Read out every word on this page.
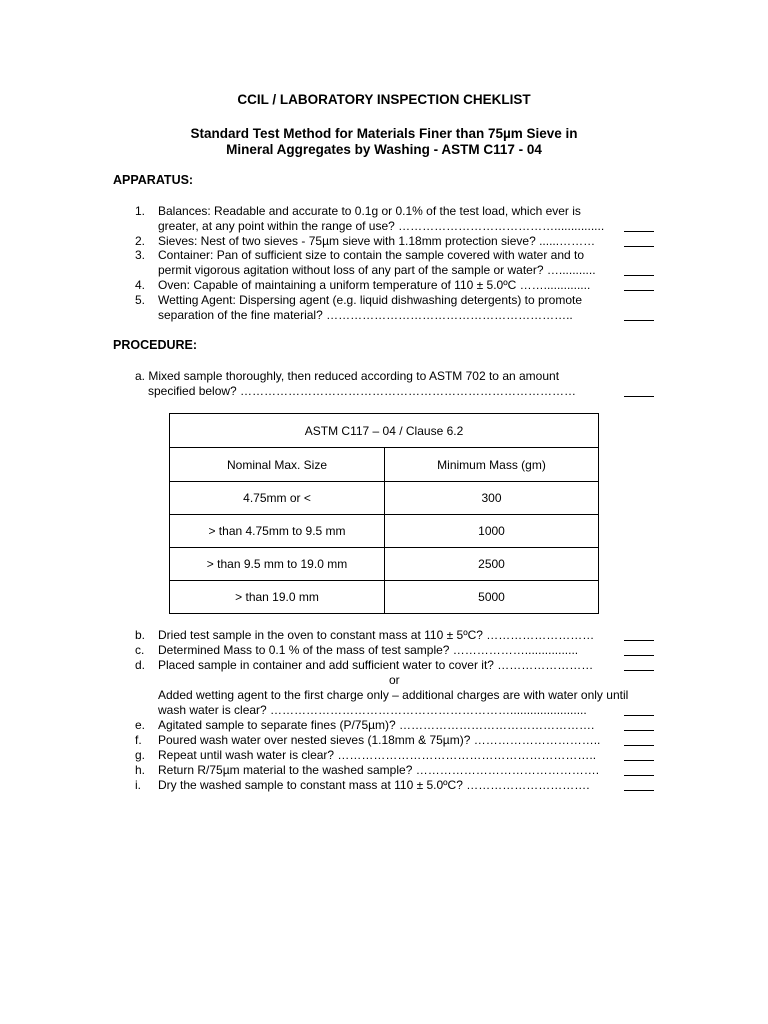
CCIL / LABORATORY INSPECTION CHEKLIST
Standard Test Method for Materials Finer than 75µm Sieve in
Mineral Aggregates by Washing - ASTM C117 - 04
APPARATUS:
1. Balances: Readable and accurate to 0.1g or 0.1% of the test load, which ever is
greater, at any point within the range of use? …………………………………...............
2. Sieves: Nest of two sieves - 75µm sieve with 1.18mm protection sieve? ......………
3. Container: Pan of sufficient size to contain the sample covered with water and to
permit vigorous agitation without loss of any part of the sample or water? …...........
4. Oven: Capable of maintaining a uniform temperature of 110 ± 5.0ºC ……..............
5. Wetting Agent: Dispersing agent (e.g. liquid dishwashing detergents) to promote
separation of the fine material? ……………………………………………………..
PROCEDURE:
a. Mixed sample thoroughly, then reduced according to ASTM 702 to an amount
specified below? …………………………………………………………………………
ASTM C117 – 04 / Clause 6.2	
Nominal Max. Size	Minimum Mass (gm)
4.75mm or <	300
> than 4.75mm to 9.5 mm	1000
> than 9.5 mm to 19.0 mm	2500
> than 19.0 mm	5000
b. Dried test sample in the oven to constant mass at 110 ± 5ºC? ………………………
c. Determined Mass to 0.1 % of the mass of test sample? ………………................
d. Placed sample in container and add sufficient water to cover it? ……………………
or
Added wetting agent to the first charge only – additional charges are with water only until
wash water is clear? …………………………………………………….......................
e. Agitated sample to separate fines (P/75µm)? ………………………………………….
f. Poured wash water over nested sieves (1.18mm & 75µm)? …………………………..
g. Repeat until wash water is clear? ………………………………………………………..
h. Return R/75µm material to the washed sample? ……………………………………….
i. Dry the washed sample to constant mass at 110 ± 5.0ºC? ………………………….
